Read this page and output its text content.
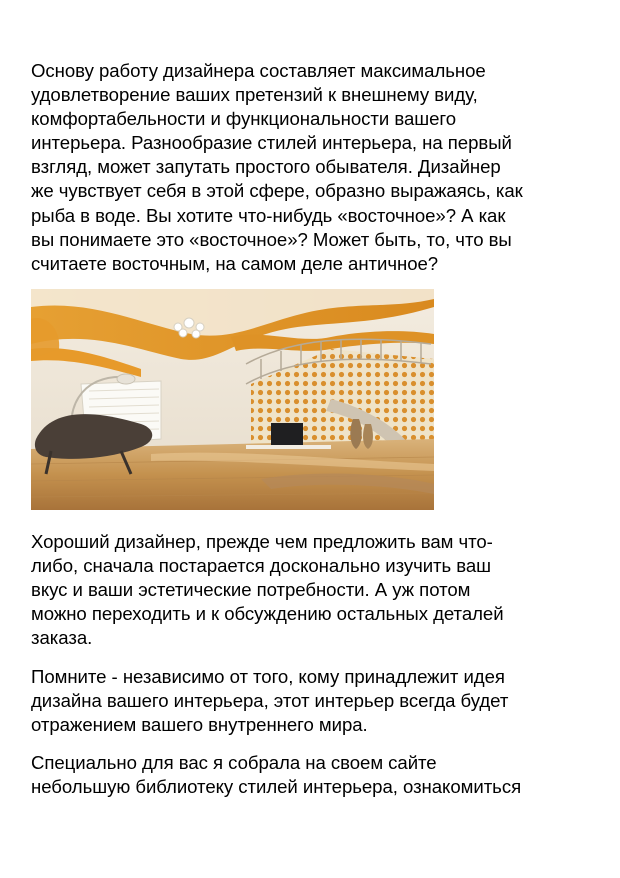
Основу работу дизайнера составляет максимальное
удовлетворение ваших претензий к внешнему виду,
комфортабельности и функциональности вашего
интерьера. Разнообразие стилей интерьера, на первый
взгляд, может запутать простого обывателя. Дизайнер
же чувствует себя в этой сфере, образно выражаясь, как
рыба в воде. Вы хотите что-нибудь «восточное»? А как
вы понимаете это «восточное»? Может быть, то, что вы
считаете восточным, на самом деле античное?

Хороший дизайнер, прежде чем предложить вам что-
либо, сначала постарается досконально изучить ваш
вкус и ваши эстетические потребности. А уж потом
можно переходить и к обсуждению остальных деталей
заказа.

Помните - независимо от того, кому принадлежит идея
дизайна вашего интерьера, этот интерьер всегда будет
отражением вашего внутреннего мира.

Специально для вас я собрала на своем сайте
небольшую библиотеку стилей интерьера, ознакомиться
